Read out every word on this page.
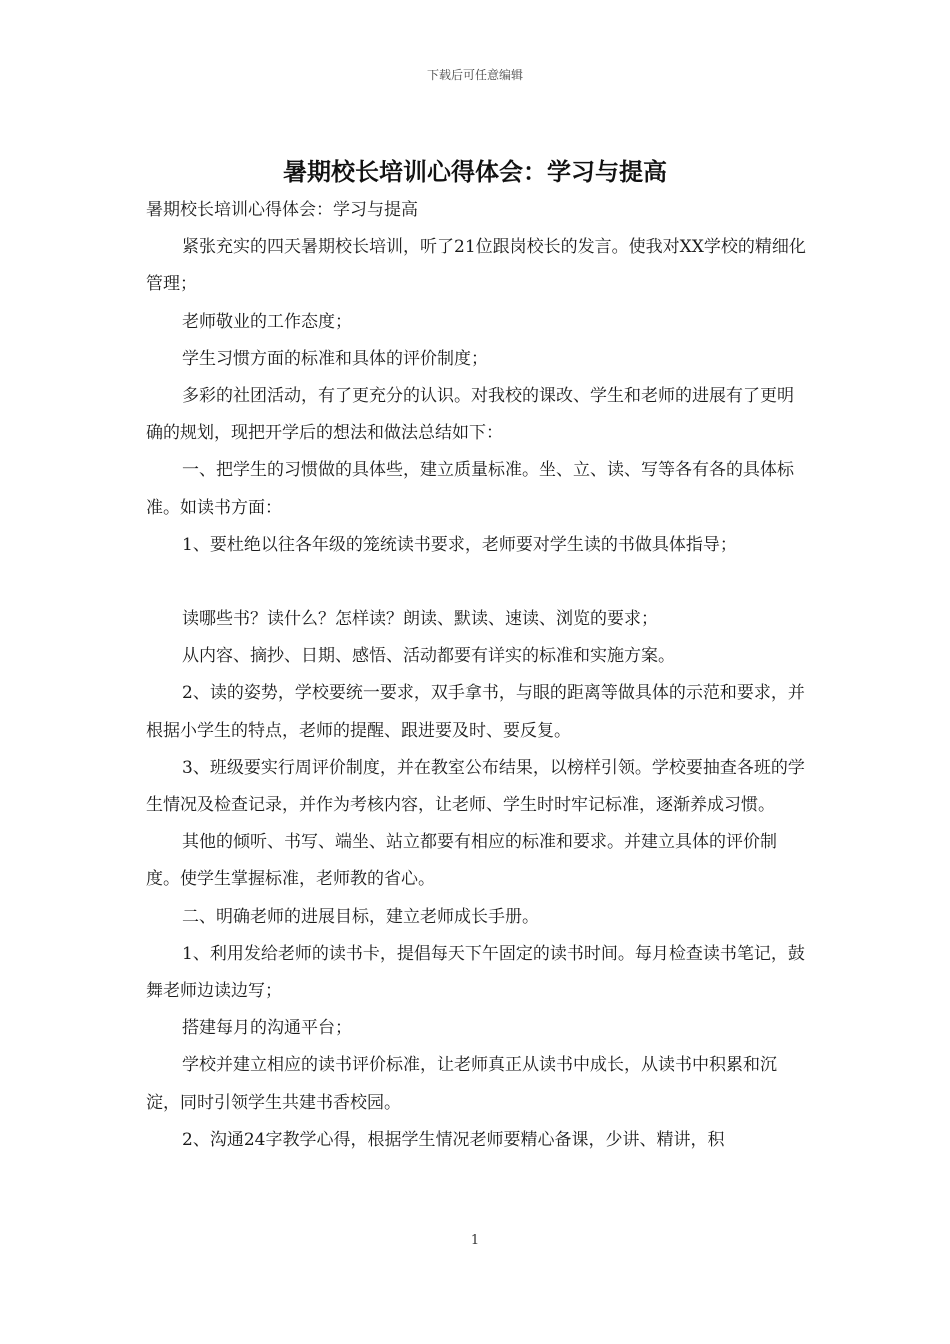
下载后可任意编辑
暑期校长培训心得体会：学习与提高

暑期校长培训心得体会：学习与提高

紧张充实的四天暑期校长培训，听了21位跟岗校长的发言。使我对XX学校的精细化管理；

老师敬业的工作态度；

学生习惯方面的标准和具体的评价制度；

多彩的社团活动，有了更充分的认识。对我校的课改、学生和老师的进展有了更明确的规划，现把开学后的想法和做法总结如下：

一、把学生的习惯做的具体些，建立质量标准。坐、立、读、写等各有各的具体标准。如读书方面：

1、要杜绝以往各年级的笼统读书要求，老师要对学生读的书做具体指导；

读哪些书？读什么？怎样读？朗读、默读、速读、浏览的要求；

从内容、摘抄、日期、感悟、活动都要有详实的标准和实施方案。

2、读的姿势，学校要统一要求，双手拿书，与眼的距离等做具体的示范和要求，并根据小学生的特点，老师的提醒、跟进要及时、要反复。

3、班级要实行周评价制度，并在教室公布结果，以榜样引领。学校要抽查各班的学生情况及检查记录，并作为考核内容，让老师、学生时时牢记标准，逐渐养成习惯。

其他的倾听、书写、端坐、站立都要有相应的标准和要求。并建立具体的评价制度。使学生掌握标准，老师教的省心。

二、明确老师的进展目标，建立老师成长手册。

1、利用发给老师的读书卡，提倡每天下午固定的读书时间。每月检查读书笔记，鼓舞老师边读边写；

搭建每月的沟通平台；

学校并建立相应的读书评价标准，让老师真正从读书中成长，从读书中积累和沉淀，同时引领学生共建书香校园。

2、沟通24字教学心得，根据学生情况老师要精心备课，少讲、精讲，积

1
